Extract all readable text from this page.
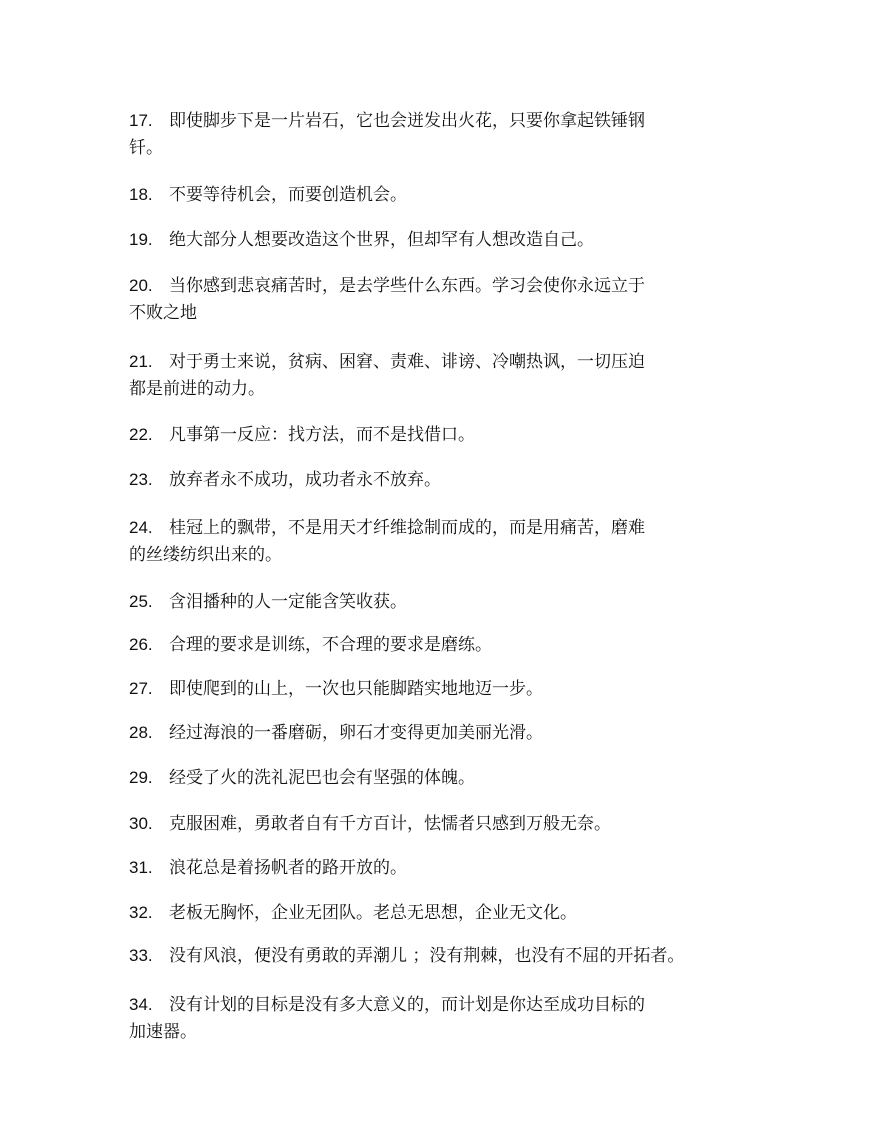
17. 即使脚步下是一片岩石，它也会迸发出火花，只要你拿起铁锤钢
钎。

18. 不要等待机会，而要创造机会。

19. 绝大部分人想要改造这个世界，但却罕有人想改造自己。

20. 当你感到悲哀痛苦时，是去学些什么东西。学习会使你永远立于
不败之地

21. 对于勇士来说，贫病、困窘、责难、诽谤、冷嘲热讽，一切压迫
都是前进的动力。

22. 凡事第一反应：找方法，而不是找借口。

23. 放弃者永不成功，成功者永不放弃。

24. 桂冠上的飘带，不是用天才纤维捻制而成的，而是用痛苦，磨难
的丝缕纺织出来的。

25. 含泪播种的人一定能含笑收获。

26. 合理的要求是训练，不合理的要求是磨练。

27. 即使爬到的山上，一次也只能脚踏实地地迈一步。

28. 经过海浪的一番磨砺，卵石才变得更加美丽光滑。

29. 经受了火的洗礼泥巴也会有坚强的体魄。

30. 克服困难，勇敢者自有千方百计，怯懦者只感到万般无奈。

31. 浪花总是着扬帆者的路开放的。

32. 老板无胸怀，企业无团队。老总无思想，企业无文化。

33. 没有风浪，便没有勇敢的弄潮儿 ；没有荆棘，也没有不屈的开拓者。

34. 没有计划的目标是没有多大意义的，而计划是你达至成功目标的
加速器。
